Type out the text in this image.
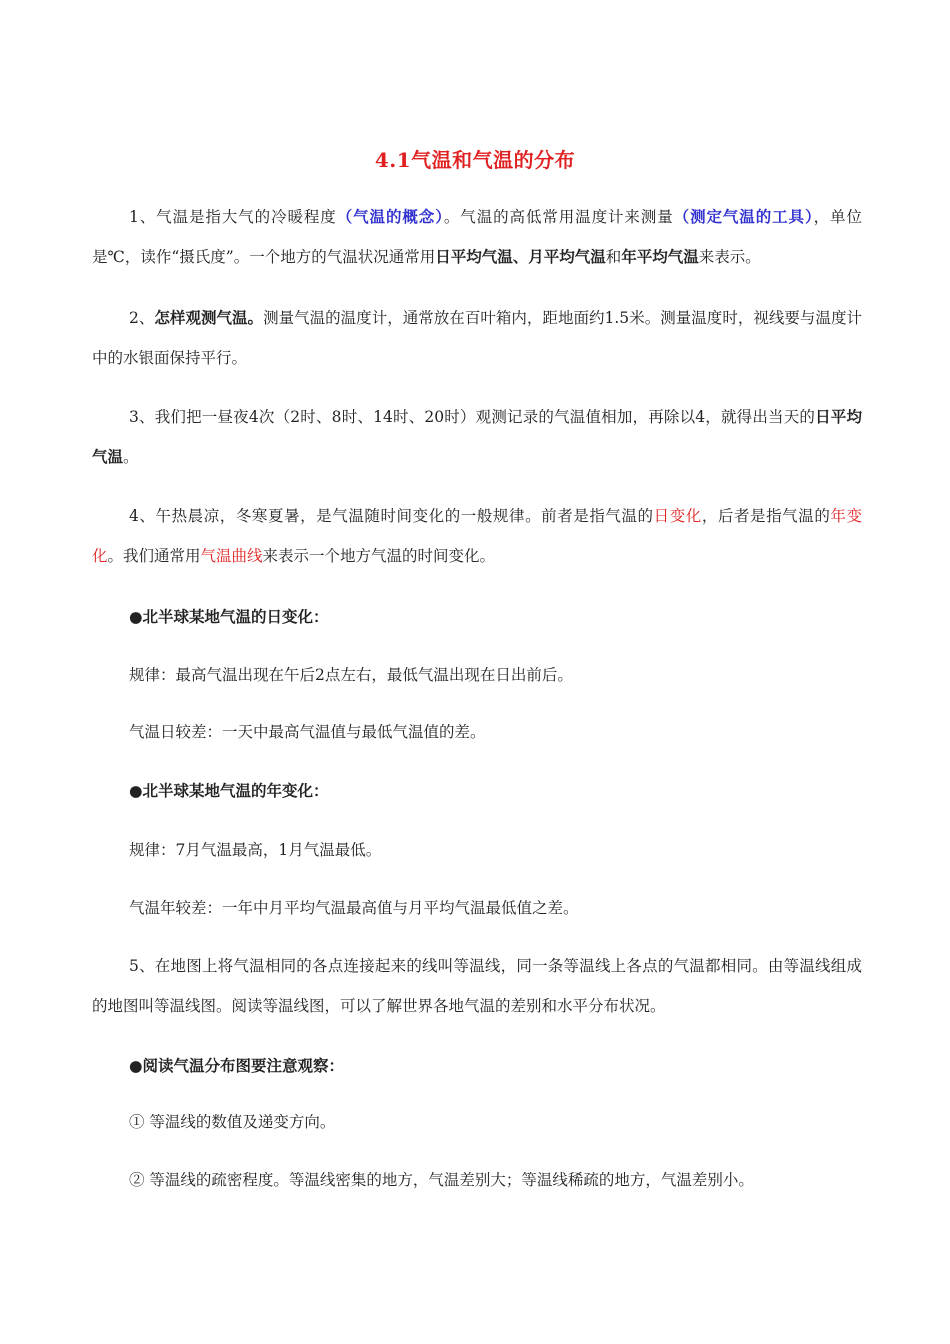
4.1气温和气温的分布

1、气温是指大气的冷暖程度（气温的概念）。气温的高低常用温度计来测量（测定气温的工具），单位是℃，读作“摄氏度”。一个地方的气温状况通常用日平均气温、月平均气温和年平均气温来表示。

2、怎样观测气温。测量气温的温度计，通常放在百叶箱内，距地面约1.5米。测量温度时，视线要与温度计中的水银面保持平行。

3、我们把一昼夜4次（2时、8时、14时、20时）观测记录的气温值相加，再除以4，就得出当天的日平均气温。

4、午热晨凉，冬寒夏暑，是气温随时间变化的一般规律。前者是指气温的日变化，后者是指气温的年变化。我们通常用气温曲线来表示一个地方气温的时间变化。

●北半球某地气温的日变化：
规律：最高气温出现在午后2点左右，最低气温出现在日出前后。
气温日较差：一天中最高气温值与最低气温值的差。
●北半球某地气温的年变化：
规律：7月气温最高，1月气温最低。
气温年较差：一年中月平均气温最高值与月平均气温最低值之差。

5、在地图上将气温相同的各点连接起来的线叫等温线，同一条等温线上各点的气温都相同。由等温线组成的地图叫等温线图。阅读等温线图，可以了解世界各地气温的差别和水平分布状况。

●阅读气温分布图要注意观察：
① 等温线的数值及递变方向。
② 等温线的疏密程度。等温线密集的地方，气温差别大；等温线稀疏的地方，气温差别小。
